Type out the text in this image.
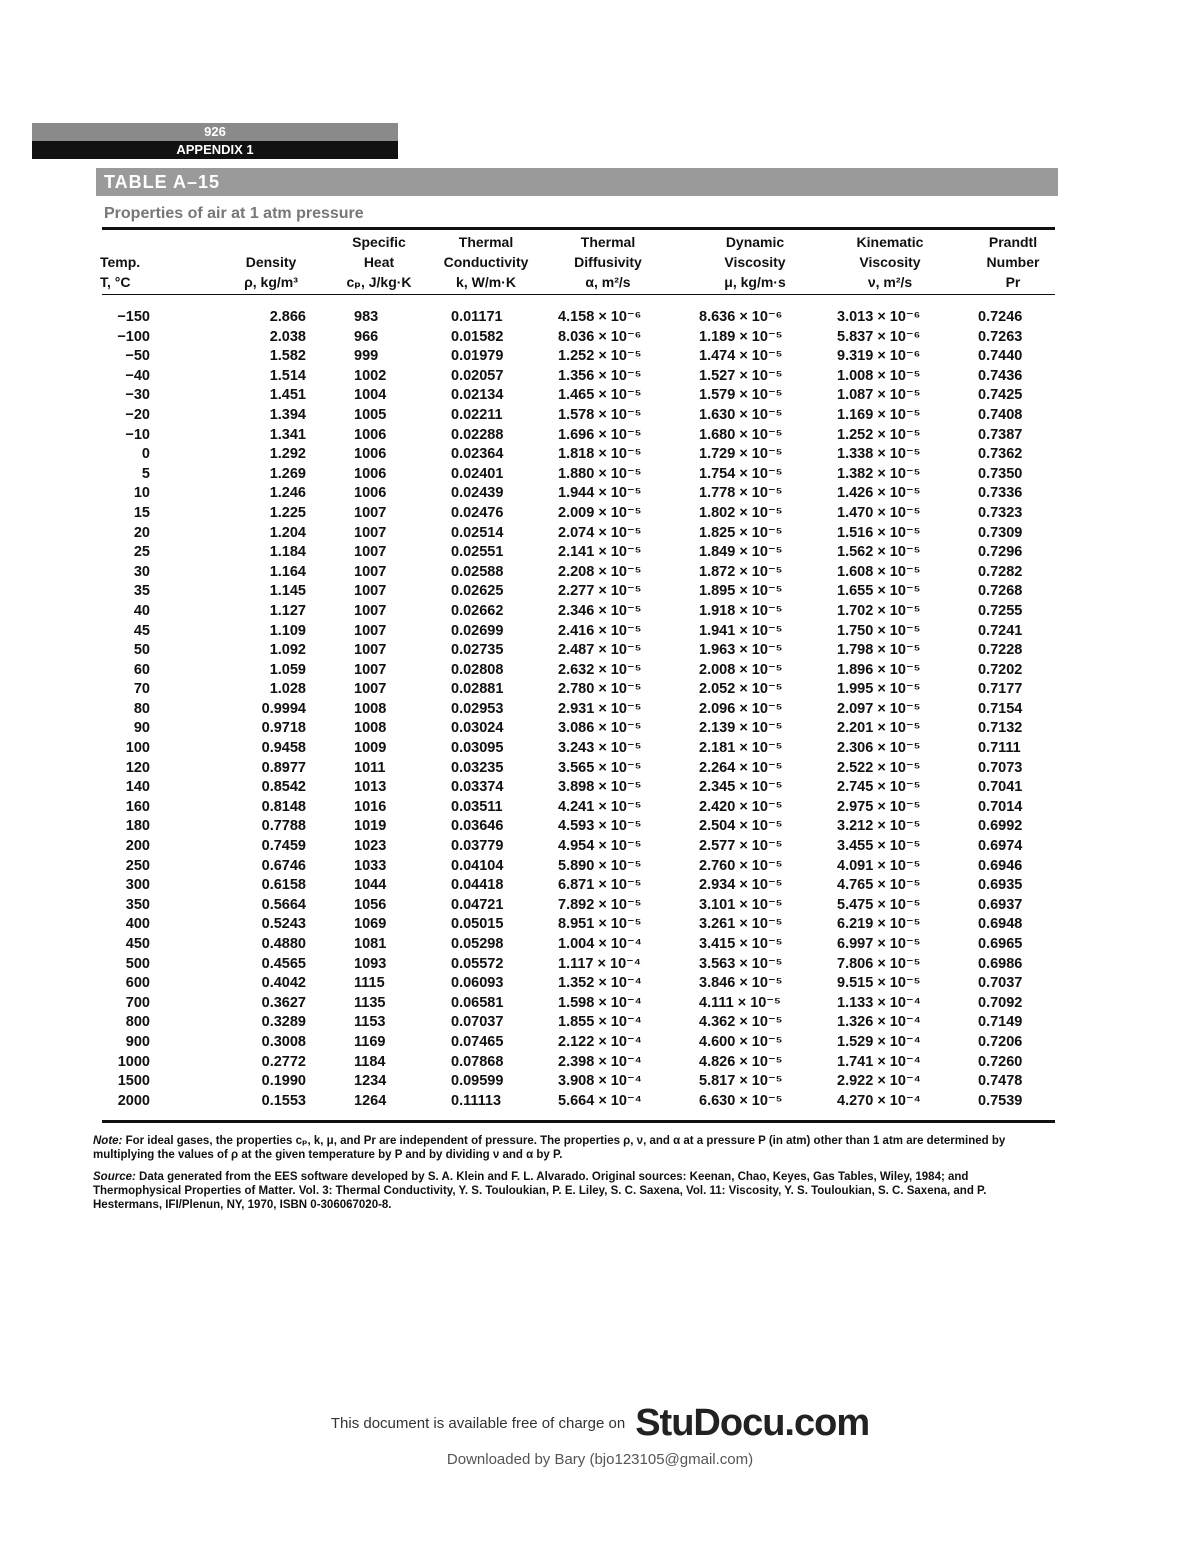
926
APPENDIX 1
TABLE A–15
Properties of air at 1 atm pressure
Temp.
T, °C
Density
ρ, kg/m³
Specific
Heat
cₚ, J/kg·K
Thermal
Conductivity
k, W/m·K
Thermal
Diffusivity
α, m²/s
Dynamic
Viscosity
μ, kg/m·s
Kinematic
Viscosity
ν, m²/s
Prandtl
Number
Pr
−150	2.866	983	0.01171	4.158 × 10⁻⁶	8.636 × 10⁻⁶	3.013 × 10⁻⁶	0.7246
−100	2.038	966	0.01582	8.036 × 10⁻⁶	1.189 × 10⁻⁵	5.837 × 10⁻⁶	0.7263
−50	1.582	999	0.01979	1.252 × 10⁻⁵	1.474 × 10⁻⁵	9.319 × 10⁻⁶	0.7440
−40	1.514	1002	0.02057	1.356 × 10⁻⁵	1.527 × 10⁻⁵	1.008 × 10⁻⁵	0.7436
−30	1.451	1004	0.02134	1.465 × 10⁻⁵	1.579 × 10⁻⁵	1.087 × 10⁻⁵	0.7425
−20	1.394	1005	0.02211	1.578 × 10⁻⁵	1.630 × 10⁻⁵	1.169 × 10⁻⁵	0.7408
−10	1.341	1006	0.02288	1.696 × 10⁻⁵	1.680 × 10⁻⁵	1.252 × 10⁻⁵	0.7387
0	1.292	1006	0.02364	1.818 × 10⁻⁵	1.729 × 10⁻⁵	1.338 × 10⁻⁵	0.7362
5	1.269	1006	0.02401	1.880 × 10⁻⁵	1.754 × 10⁻⁵	1.382 × 10⁻⁵	0.7350
10	1.246	1006	0.02439	1.944 × 10⁻⁵	1.778 × 10⁻⁵	1.426 × 10⁻⁵	0.7336
15	1.225	1007	0.02476	2.009 × 10⁻⁵	1.802 × 10⁻⁵	1.470 × 10⁻⁵	0.7323
20	1.204	1007	0.02514	2.074 × 10⁻⁵	1.825 × 10⁻⁵	1.516 × 10⁻⁵	0.7309
25	1.184	1007	0.02551	2.141 × 10⁻⁵	1.849 × 10⁻⁵	1.562 × 10⁻⁵	0.7296
30	1.164	1007	0.02588	2.208 × 10⁻⁵	1.872 × 10⁻⁵	1.608 × 10⁻⁵	0.7282
35	1.145	1007	0.02625	2.277 × 10⁻⁵	1.895 × 10⁻⁵	1.655 × 10⁻⁵	0.7268
40	1.127	1007	0.02662	2.346 × 10⁻⁵	1.918 × 10⁻⁵	1.702 × 10⁻⁵	0.7255
45	1.109	1007	0.02699	2.416 × 10⁻⁵	1.941 × 10⁻⁵	1.750 × 10⁻⁵	0.7241
50	1.092	1007	0.02735	2.487 × 10⁻⁵	1.963 × 10⁻⁵	1.798 × 10⁻⁵	0.7228
60	1.059	1007	0.02808	2.632 × 10⁻⁵	2.008 × 10⁻⁵	1.896 × 10⁻⁵	0.7202
70	1.028	1007	0.02881	2.780 × 10⁻⁵	2.052 × 10⁻⁵	1.995 × 10⁻⁵	0.7177
80	0.9994	1008	0.02953	2.931 × 10⁻⁵	2.096 × 10⁻⁵	2.097 × 10⁻⁵	0.7154
90	0.9718	1008	0.03024	3.086 × 10⁻⁵	2.139 × 10⁻⁵	2.201 × 10⁻⁵	0.7132
100	0.9458	1009	0.03095	3.243 × 10⁻⁵	2.181 × 10⁻⁵	2.306 × 10⁻⁵	0.7111
120	0.8977	1011	0.03235	3.565 × 10⁻⁵	2.264 × 10⁻⁵	2.522 × 10⁻⁵	0.7073
140	0.8542	1013	0.03374	3.898 × 10⁻⁵	2.345 × 10⁻⁵	2.745 × 10⁻⁵	0.7041
160	0.8148	1016	0.03511	4.241 × 10⁻⁵	2.420 × 10⁻⁵	2.975 × 10⁻⁵	0.7014
180	0.7788	1019	0.03646	4.593 × 10⁻⁵	2.504 × 10⁻⁵	3.212 × 10⁻⁵	0.6992
200	0.7459	1023	0.03779	4.954 × 10⁻⁵	2.577 × 10⁻⁵	3.455 × 10⁻⁵	0.6974
250	0.6746	1033	0.04104	5.890 × 10⁻⁵	2.760 × 10⁻⁵	4.091 × 10⁻⁵	0.6946
300	0.6158	1044	0.04418	6.871 × 10⁻⁵	2.934 × 10⁻⁵	4.765 × 10⁻⁵	0.6935
350	0.5664	1056	0.04721	7.892 × 10⁻⁵	3.101 × 10⁻⁵	5.475 × 10⁻⁵	0.6937
400	0.5243	1069	0.05015	8.951 × 10⁻⁵	3.261 × 10⁻⁵	6.219 × 10⁻⁵	0.6948
450	0.4880	1081	0.05298	1.004 × 10⁻⁴	3.415 × 10⁻⁵	6.997 × 10⁻⁵	0.6965
500	0.4565	1093	0.05572	1.117 × 10⁻⁴	3.563 × 10⁻⁵	7.806 × 10⁻⁵	0.6986
600	0.4042	1115	0.06093	1.352 × 10⁻⁴	3.846 × 10⁻⁵	9.515 × 10⁻⁵	0.7037
700	0.3627	1135	0.06581	1.598 × 10⁻⁴	4.111 × 10⁻⁵	1.133 × 10⁻⁴	0.7092
800	0.3289	1153	0.07037	1.855 × 10⁻⁴	4.362 × 10⁻⁵	1.326 × 10⁻⁴	0.7149
900	0.3008	1169	0.07465	2.122 × 10⁻⁴	4.600 × 10⁻⁵	1.529 × 10⁻⁴	0.7206
1000	0.2772	1184	0.07868	2.398 × 10⁻⁴	4.826 × 10⁻⁵	1.741 × 10⁻⁴	0.7260
1500	0.1990	1234	0.09599	3.908 × 10⁻⁴	5.817 × 10⁻⁵	2.922 × 10⁻⁴	0.7478
2000	0.1553	1264	0.11113	5.664 × 10⁻⁴	6.630 × 10⁻⁵	4.270 × 10⁻⁴	0.7539

Note: For ideal gases, the properties cₚ, k, μ, and Pr are independent of pressure. The properties ρ, ν, and α at a pressure P (in atm) other than 1 atm are determined by multiplying the values of ρ at the given temperature by P and by dividing ν and α by P.

Source: Data generated from the EES software developed by S. A. Klein and F. L. Alvarado. Original sources: Keenan, Chao, Keyes, Gas Tables, Wiley, 1984; and Thermophysical Properties of Matter. Vol. 3: Thermal Conductivity, Y. S. Touloukian, P. E. Liley, S. C. Saxena, Vol. 11: Viscosity, Y. S. Touloukian, S. C. Saxena, and P. Hestermans, IFI/Plenun, NY, 1970, ISBN 0-306067020-8.

This document is available free of charge on StuDocu.com
Downloaded by Bary (bjo123105@gmail.com)
